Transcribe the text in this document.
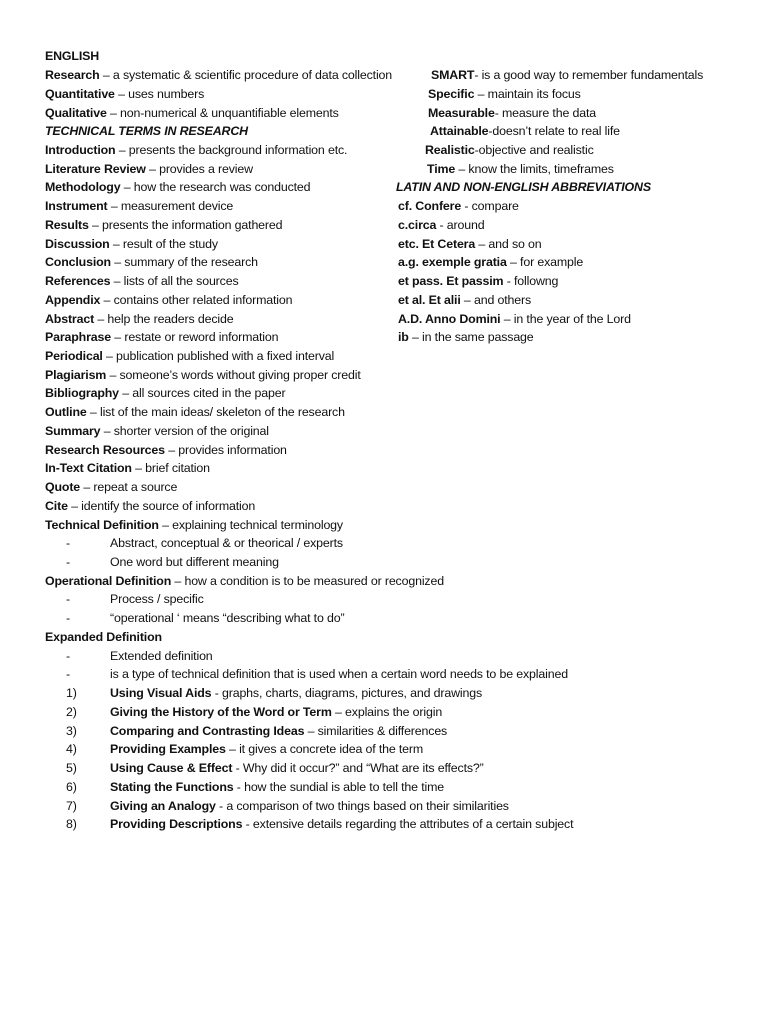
ENGLISH
Research – a systematic & scientific procedure of data collection
Quantitative – uses numbers
Qualitative – non-numerical & unquantifiable elements
TECHNICAL TERMS IN RESEARCH
Introduction – presents the background information etc.
Literature Review – provides a review
Methodology – how the research was conducted
Instrument – measurement device
Results – presents the information gathered
Discussion – result of the study
Conclusion – summary of the research
References – lists of all the sources
Appendix – contains other related information
Abstract – help the readers decide
Paraphrase – restate or reword information
Periodical – publication published with a fixed interval
Plagiarism – someone’s words without giving proper credit
Bibliography – all sources cited in the paper
Outline – list of the main ideas/ skeleton of the research
Summary – shorter version of the original
Research Resources – provides information
In-Text Citation – brief citation
Quote – repeat a source
Cite – identify the source of information
Technical Definition – explaining technical terminology
-	Abstract, conceptual & or theorical / experts
-	One word but different meaning
Operational Definition – how a condition is to be measured or recognized
-	Process / specific
-	“operational ‘ means “describing what to do”
Expanded Definition
-	Extended definition
-	is a type of technical definition that is used when a certain word needs to be explained
1)	Using Visual Aids - graphs, charts, diagrams, pictures, and drawings
2)	Giving the History of the Word or Term – explains the origin
3)	Comparing and Contrasting Ideas – similarities & differences
4)	Providing Examples – it gives a concrete idea of the term
5)	Using Cause & Effect - Why did it occur?” and “What are its effects?”
6)	Stating the Functions - how the sundial is able to tell the time
7)	Giving an Analogy - a comparison of two things based on their similarities
8)	Providing Descriptions - extensive details regarding the attributes of a certain subject
SMART- is a good way to remember fundamentals
Specific – maintain its focus
Measurable- measure the data
Attainable-doesn’t relate to real life
Realistic-objective and realistic
Time – know the limits, timeframes
LATIN AND NON-ENGLISH ABBREVIATIONS
cf. Confere - compare
c.circa - around
etc. Et Cetera – and so on
a.g. exemple gratia – for example
et pass. Et passim - followng
et al. Et alii – and others
A.D. Anno Domini – in the year of the Lord
ib – in the same passage
